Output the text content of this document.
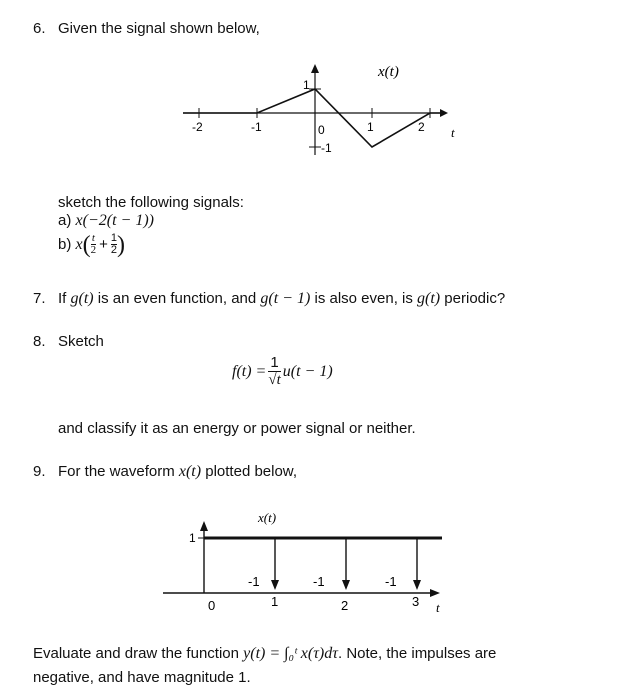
6. Given the signal shown below,
-2	-1	0	1	2
1
-1
x(t)
t
sketch the following signals:
a) x(−2(t − 1))
b)
x ( $\frac{t}{2} + \frac{1}{2}$ )
7. If g(t) is an even function, and g(t − 1) is also even, is g(t) periodic?
8. Sketch
$f(t) = \frac{1}{√t} u(t - 1)$
and classify it as an energy or power signal or neither.
9. For the waveform x(t) plotted below,
1
x(t)
-1	-1	-1
0	1	2	3 t
Evaluate and draw the function y(t) = ∫₀ᵗ x(τ)dτ. Note, the impulses are
negative, and have magnitude 1.
